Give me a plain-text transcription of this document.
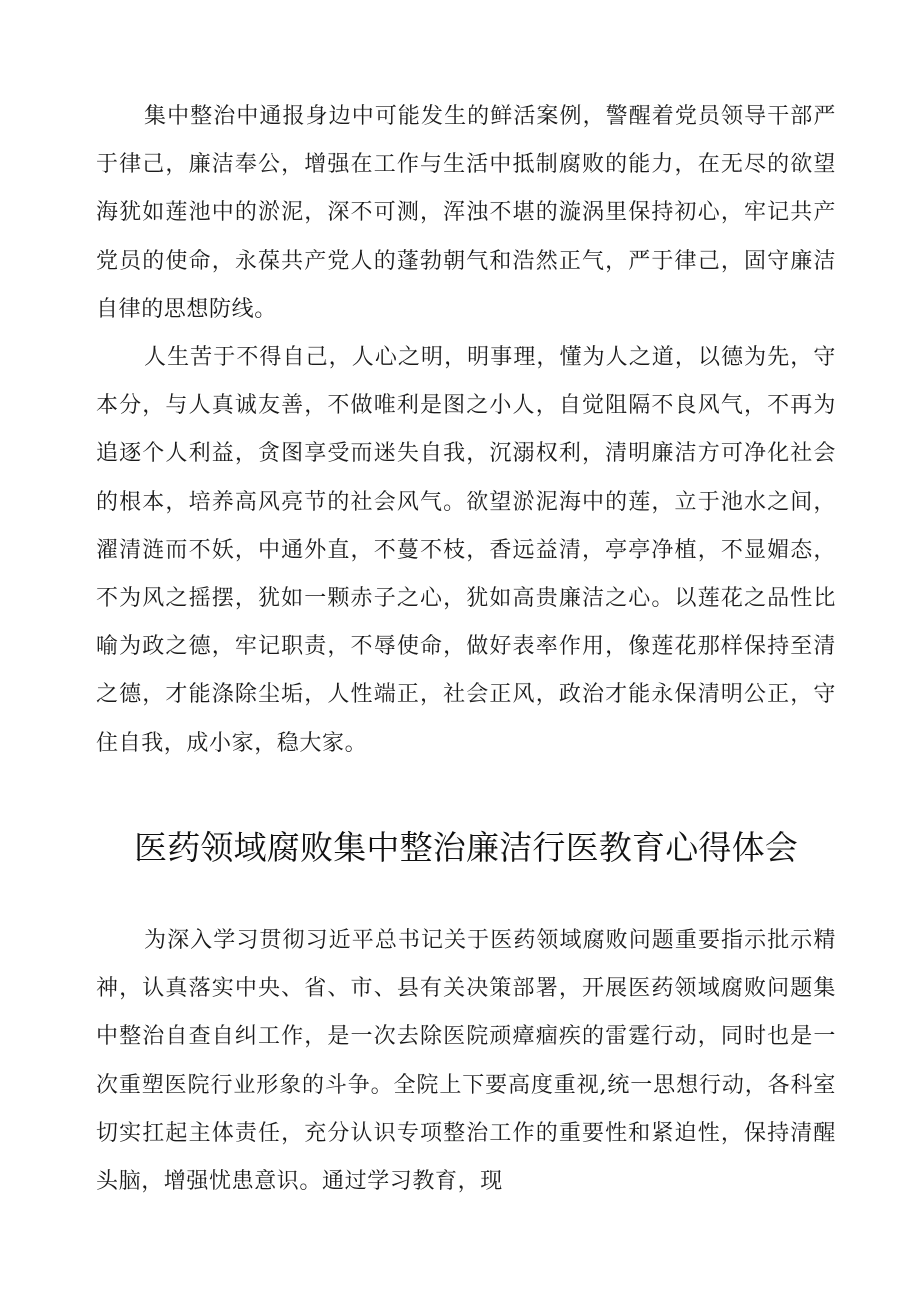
集中整治中通报身边中可能发生的鲜活案例，警醒着党员领导干部严于律己，廉洁奉公，增强在工作与生活中抵制腐败的能力，在无尽的欲望海犹如莲池中的淤泥，深不可测，浑浊不堪的漩涡里保持初心，牢记共产党员的使命，永葆共产党人的蓬勃朝气和浩然正气，严于律己，固守廉洁自律的思想防线。

人生苦于不得自己，人心之明，明事理，懂为人之道，以德为先，守本分，与人真诚友善，不做唯利是图之小人，自觉阻隔不良风气，不再为追逐个人利益，贪图享受而迷失自我，沉溺权利，清明廉洁方可净化社会的根本，培养高风亮节的社会风气。欲望淤泥海中的莲，立于池水之间，濯清涟而不妖，中通外直，不蔓不枝，香远益清，亭亭净植，不显媚态，不为风之摇摆，犹如一颗赤子之心，犹如高贵廉洁之心。以莲花之品性比喻为政之德，牢记职责，不辱使命，做好表率作用，像莲花那样保持至清之德，才能涤除尘垢，人性端正，社会正风，政治才能永保清明公正，守住自我，成小家，稳大家。

医药领域腐败集中整治廉洁行医教育心得体会

为深入学习贯彻习近平总书记关于医药领域腐败问题重要指示批示精神，认真落实中央、省、市、县有关决策部署，开展医药领域腐败问题集中整治自查自纠工作，是一次去除医院顽瘴痼疾的雷霆行动，同时也是一次重塑医院行业形象的斗争。全院上下要高度重视,统一思想行动，各科室切实扛起主体责任，充分认识专项整治工作的重要性和紧迫性，保持清醒头脑，增强忧患意识。通过学习教育，现
